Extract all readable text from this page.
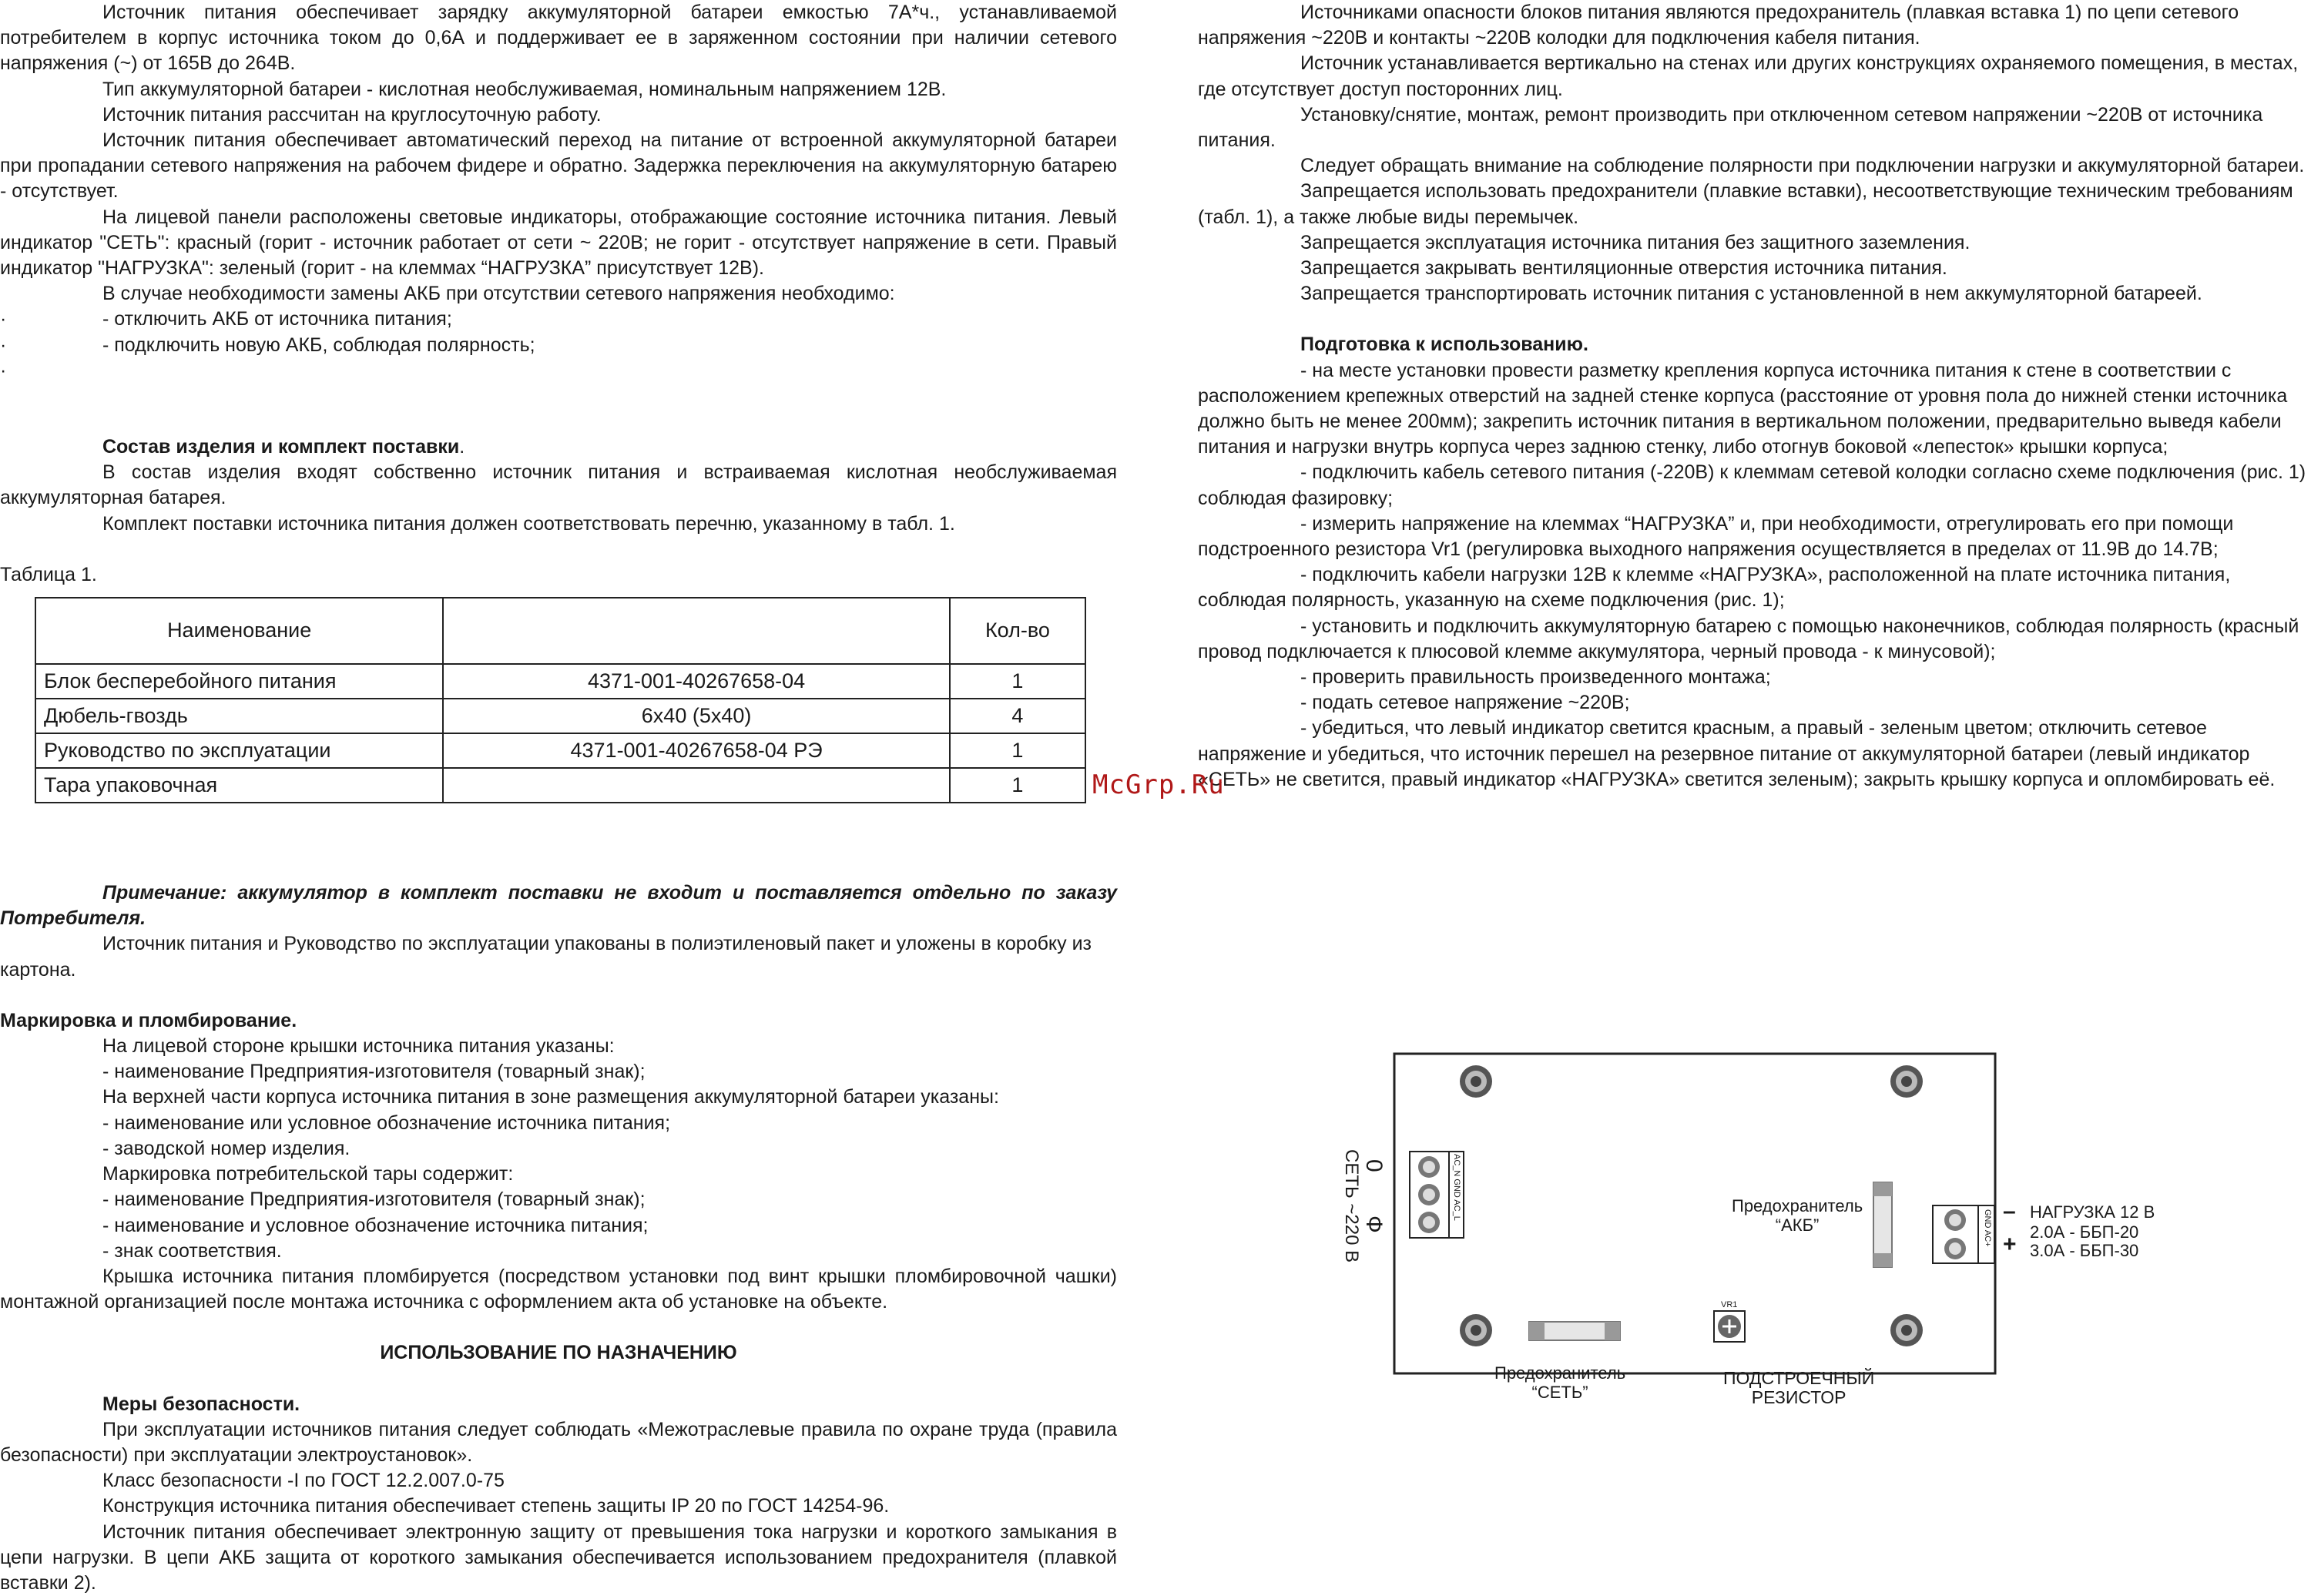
Источник питания обеспечивает зарядку аккумуляторной батареи емкостью 7А*ч., устанавливаемой потребителем в корпус источника током до 0,6А и поддерживает ее в заряженном состоянии при наличии сетевого напряжения (~) от 165В до 264В.

Тип аккумуляторной батареи - кислотная необслуживаемая, номинальным напряжением 12В.

Источник питания рассчитан на круглосуточную работу.

Источник питания обеспечивает автоматический переход на питание от встроенной аккумуляторной батареи при пропадании сетевого напряжения на рабочем фидере и обратно. Задержка переключения на аккумуляторную батарею - отсутствует.

На лицевой панели расположены световые индикаторы, отображающие состояние источника питания. Левый индикатор "СЕТЬ": красный (горит - источник работает от сети ~ 220В; не горит - отсутствует напряжение в сети. Правый индикатор "НАГРУЗКА": зеленый (горит - на клеммах “НАГРУЗКА” присутствует 12В).

В случае необходимости замены АКБ при отсутствии сетевого напряжения необходимо:

·	- отключить АКБ от источника питания;
·	- подключить новую АКБ, соблюдая полярность;
·

Состав изделия и комплект поставки.

В состав изделия входят собственно источник питания и встраиваемая кислотная необслуживаемая аккумуляторная батарея.

Комплект поставки источника питания должен соответствовать перечню, указанному в табл. 1.

Таблица 1.

Наименование		Кол-во
Блок бесперебойного питания	4371-001-40267658-04	1
Дюбель-гвоздь	6х40 (5х40)	4
Руководство по эксплуатации	4371-001-40267658-04 РЭ	1
Тара упаковочная		1

Примечание: аккумулятор в комплект поставки не входит и поставляется отдельно по заказу Потребителя.

Источник питания и Руководство по эксплуатации упакованы в полиэтиленовый пакет и уложены в коробку из картона.

Маркировка и пломбирование.

На лицевой стороне крышки источника питания указаны:

- наименование Предприятия-изготовителя (товарный знак);

На верхней части корпуса источника питания в зоне размещения аккумуляторной батареи указаны:

- наименование или условное обозначение источника питания;

- заводской номер изделия.

Маркировка потребительской тары содержит:

- наименование Предприятия-изготовителя (товарный знак);

- наименование и условное обозначение источника питания;

- знак соответствия.

Крышка источника питания пломбируется (посредством установки под винт крышки пломбировочной чашки) монтажной организацией после монтажа источника с оформлением акта об установке на объекте.

ИСПОЛЬЗОВАНИЕ ПО НАЗНАЧЕНИЮ

Меры безопасности.

При эксплуатации источников питания следует соблюдать «Межотраслевые правила по охране труда (правила безопасности) при эксплуатации электроустановок».

Класс безопасности -I по ГОСТ 12.2.007.0-75

Конструкция источника питания обеспечивает степень защиты IP 20 по ГОСТ 14254-96.

Источник питания обеспечивает электронную защиту от превышения тока нагрузки и короткого замыкания в цепи нагрузки. В цепи АКБ защита от короткого замыкания обеспечивается использованием предохранителя (плавкой вставки 2).

Источниками опасности блоков питания являются предохранитель (плавкая вставка 1) по цепи сетевого напряжения ~220В и контакты ~220В колодки для подключения кабеля питания.

Источник устанавливается вертикально на стенах или других конструкциях охраняемого помещения, в местах, где отсутствует доступ посторонних лиц.

Установку/снятие, монтаж, ремонт производить при отключенном сетевом напряжении ~220В от источника питания.

Следует обращать внимание на соблюдение полярности при подключении нагрузки и аккумуляторной батареи.

Запрещается использовать предохранители (плавкие вставки), несоответствующие техническим требованиям (табл. 1), а также любые виды перемычек.

Запрещается эксплуатация источника питания без защитного заземления.

Запрещается закрывать вентиляционные отверстия источника питания.

Запрещается транспортировать источник питания с установленной в нем аккумуляторной батареей.

Подготовка к использованию.

- на месте установки провести разметку крепления корпуса источника питания к стене в соответствии с расположением крепежных отверстий на задней стенке корпуса (расстояние от уровня пола до нижней стенки источника должно быть не менее 200мм); закрепить источник питания в вертикальном положении, предварительно выведя кабели питания и нагрузки внутрь корпуса через заднюю стенку, либо отогнув боковой «лепесток» крышки корпуса;

- подключить кабель сетевого питания (-220В) к клеммам сетевой колодки согласно схеме подключения (рис. 1) соблюдая фазировку;

- измерить напряжение на клеммах “НАГРУЗКА” и, при необходимости, отрегулировать его при помощи подстроенного резистора Vr1 (регулировка выходного напряжения осуществляется в пределах от 11.9В до 14.7В;

- подключить кабели нагрузки 12В к клемме «НАГРУЗКА», расположенной на плате источника питания, соблюдая полярность, указанную на схеме подключения (рис. 1);

- установить и подключить аккумуляторную батарею с помощью наконечников, соблюдая полярность (красный провод подключается к плюсовой клемме аккумулятора, черный провода - к минусовой);

- проверить правильность произведенного монтажа;

- подать сетевое напряжение ~220В;

- убедиться, что левый индикатор светится красным, а правый - зеленым цветом; отключить сетевое напряжение и убедиться, что источник перешел на резервное питание от аккумуляторной батареи (левый индикатор «СЕТЬ» не светится, правый индикатор «НАГРУЗКА» светится зеленым); закрыть крышку корпуса и опломбировать её.

McGrp.Ru
СЕТЬ ~220 В 0
Ф
AC_N GND AC_L
GND AC+
Предохранитель
“АКБ”
–
+
НАГРУЗКА 12 В
2.0А - ББП-20
3.0А - ББП-30
VR1
Предохранитель
“СЕТЬ”
ПОДСТРОЕЧНЫЙ
РЕЗИСТОР
